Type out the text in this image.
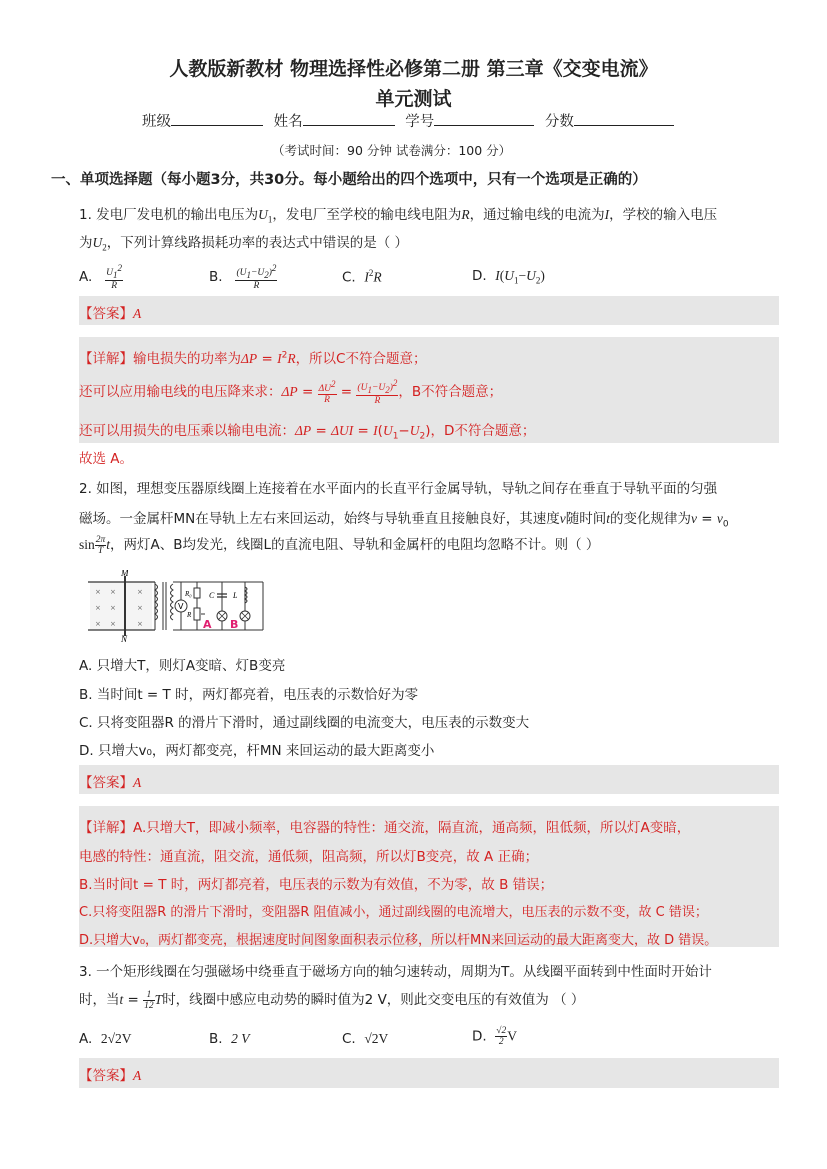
人教版新教材 物理选择性必修第二册 第三章《交变电流》
单元测试
班级	姓名	学号	分数
（考试时间：90 分钟 试卷满分：100 分）
一、单项选择题（每小题3分，共30分。每小题给出的四个选项中，只有一个选项是正确的）
1. 发电厂发电机的输出电压为$U_1$，发电厂至学校的输电线电阻为R，通过输电线的电流为I，学校的输入电压
为$U_2$，下列计算线路损耗功率的表达式中错误的是（ ）
A. $\frac{U_1^2}{R}$	B. $\frac{(U_1-U_2)^2}{R}$	C. $I^2R$	D. $I(U_1-U_2)$
【答案】A
【详解】输电损失的功率为$\Delta P = I^2R$，所以C不符合题意；
还可以应用输电线的电压降来求：$\Delta P = \frac{\Delta U^2}{R} = \frac{(U_1-U_2)^2}{R}$ ，B不符合题意；
还可以用损失的电压乘以输电电流：$\Delta P = \Delta UI = I(U_1-U_2)$，D不符合题意；
故选 A。
2. 如图，理想变压器原线圈上连接着在水平面内的长直平行金属导轨，导轨之间存在垂直于导轨平面的匀强
磁场。一金属杆MN在导轨上左右来回运动，始终与导轨垂直且接触良好，其速度v随时间t的变化规律为$v = v_0$
$\sin \frac{2\pi}{T}$ t，两灯A、B均发光，线圈L的直流电阻、导轨和金属杆的电阻均忽略不计。则（ ）
×
×
×
×
×
×
×
×
×
M
N
V
R₀
R
C
A
L
B
A. 只增大T，则灯A变暗、灯B变亮
B. 当时间t = T 时，两灯都亮着，电压表的示数恰好为零
C. 只将变阻器R 的滑片下滑时，通过副线圈的电流变大，电压表的示数变大
D. 只增大v₀，两灯都变亮，杆MN 来回运动的最大距离变小
【答案】A
【详解】A.只增大T，即减小频率，电容器的特性：通交流，隔直流，通高频，阻低频，所以灯A变暗，
电感的特性：通直流，阻交流，通低频，阻高频，所以灯B变亮，故 A 正确；
B.当时间t = T 时，两灯都亮着，电压表的示数为有效值，不为零，故 B 错误；
C.只将变阻器R 的滑片下滑时，变阻器R 阻值减小，通过副线圈的电流增大，电压表的示数不变，故 C 错误；
D.只增大v₀，两灯都变亮，根据速度时间图象面积表示位移，所以杆MN来回运动的最大距离变大，故 D 错误。
3. 一个矩形线圈在匀强磁场中绕垂直于磁场方向的轴匀速转动，周期为T。从线圈平面转到中性面时开始计
时，当$t = \frac{1}{12}$ T时，线圈中感应电动势的瞬时值为2 V，则此交变电压的有效值为 （ ）
A. 2√2V	B. 2 V	C. √2V	D. $\frac{√2}{2}$ V
【答案】A
